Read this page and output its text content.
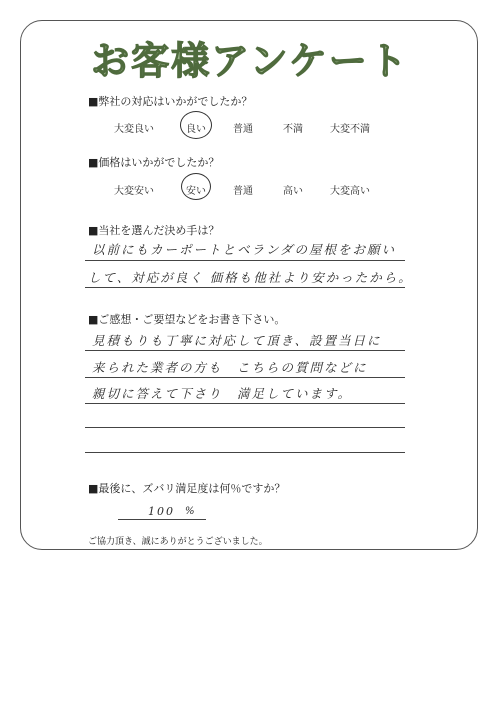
お客様アンケート
■弊社の対応はいかがでしたか？
大変良い	良い	普通	不満	大変不満
■価格はいかがでしたか？
大変安い	安い	普通	高い	大変高い
■当社を選んだ決め手は？
以前にもカーポートとベランダの屋根をお願い
して、対応が良く 価格も他社より安かったから。
■ご感想・ご要望などをお書き下さい。
見積もりも丁寧に対応して頂き、設置当日に
来られた業者の方も　こちらの質問などに
親切に答えて下さり　満足しています。
■最後に、ズバリ満足度は何％ですか？
100 %
ご協力頂き、誠にありがとうございました。
